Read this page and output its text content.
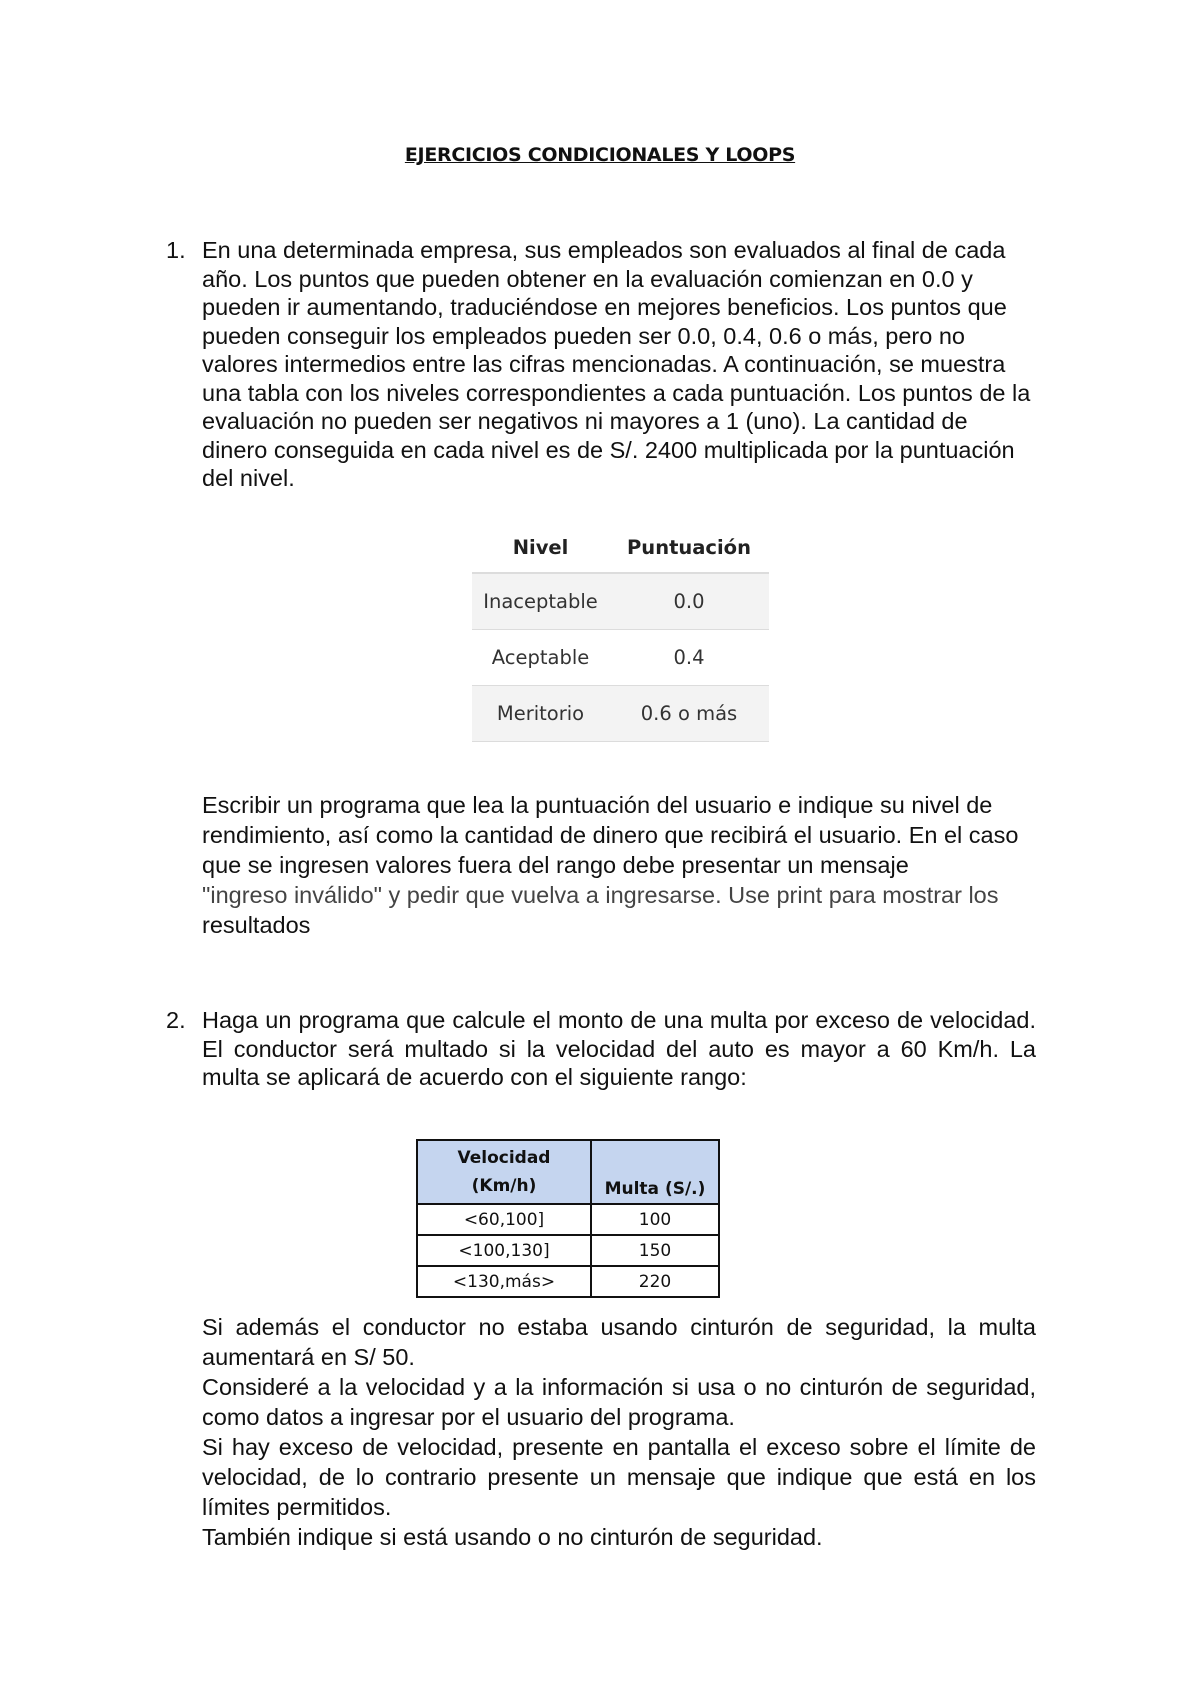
EJERCICIOS CONDICIONALES Y LOOPS
1. En una determinada empresa, sus empleados son evaluados al final de cada año. Los puntos que pueden obtener en la evaluación comienzan en 0.0 y pueden ir aumentando, traduciéndose en mejores beneficios. Los puntos que pueden conseguir los empleados pueden ser 0.0, 0.4, 0.6 o más, pero no valores intermedios entre las cifras mencionadas. A continuación, se muestra una tabla con los niveles correspondientes a cada puntuación. Los puntos de la evaluación no pueden ser negativos ni mayores a 1 (uno). La cantidad de dinero conseguida en cada nivel es de S/. 2400 multiplicada por la puntuación del nivel.
Nivel	Puntuación
Inaceptable	0.0
Aceptable	0.4
Meritorio	0.6 o más
Escribir un programa que lea la puntuación del usuario e indique su nivel de rendimiento, así como la cantidad de dinero que recibirá el usuario. En el caso que se ingresen valores fuera del rango debe presentar un mensaje
"ingreso inválido" y pedir que vuelva a ingresarse. Use print para mostrar los
resultados
2. Haga un programa que calcule el monto de una multa por exceso de velocidad. El conductor será multado si la velocidad del auto es mayor a 60 Km/h. La multa se aplicará de acuerdo con el siguiente rango:
Velocidad
(Km/h)	Multa (S/.)
<60,100]	100
<100,130]	150
<130,más>	220
Si además el conductor no estaba usando cinturón de seguridad, la multa aumentará en S/ 50.
Consideré a la velocidad y a la información si usa o no cinturón de seguridad, como datos a ingresar por el usuario del programa.
Si hay exceso de velocidad, presente en pantalla el exceso sobre el límite de velocidad, de lo contrario presente un mensaje que indique que está en los límites permitidos.
También indique si está usando o no cinturón de seguridad.
